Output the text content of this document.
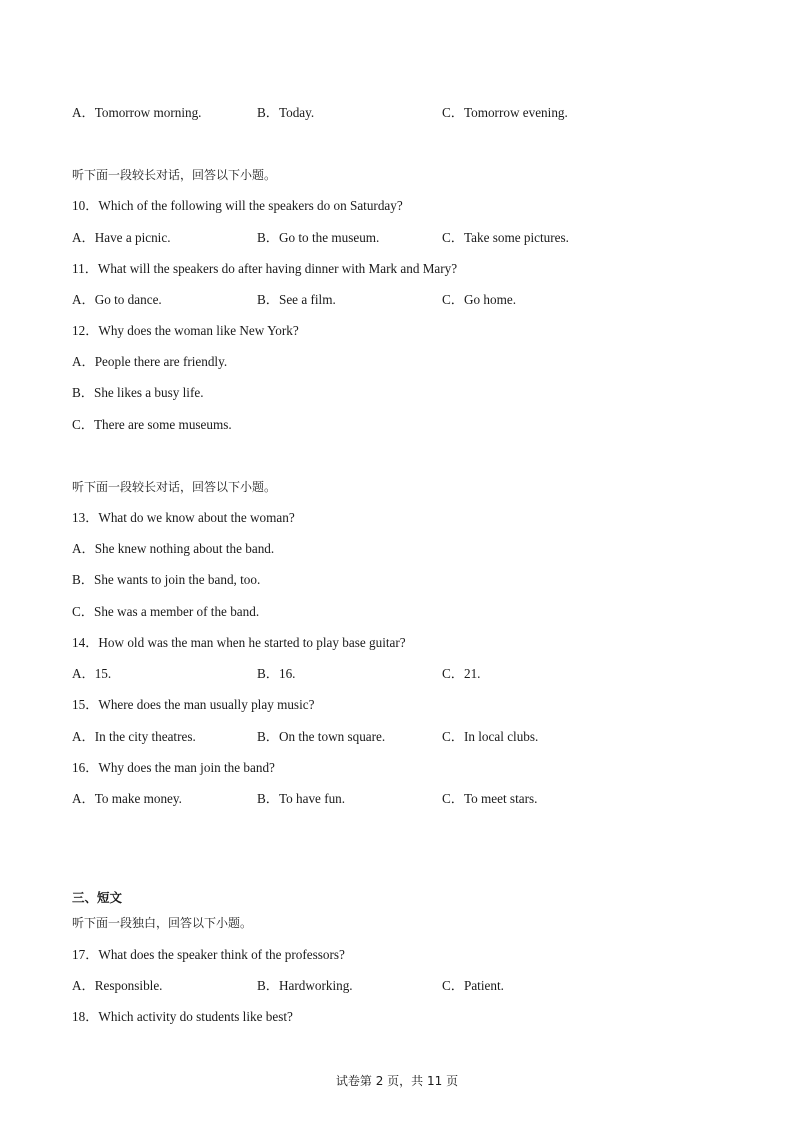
A．Tomorrow morning.	B．Today.	C．Tomorrow evening.
听下面一段较长对话，回答以下小题。
10．Which of the following will the speakers do on Saturday?
A．Have a picnic.	B．Go to the museum.	C．Take some pictures.
11．What will the speakers do after having dinner with Mark and Mary?
A．Go to dance.	B．See a film.	C．Go home.
12．Why does the woman like New York?
A．People there are friendly.
B．She likes a busy life.
C．There are some museums.
听下面一段较长对话，回答以下小题。
13．What do we know about the woman?
A．She knew nothing about the band.
B．She wants to join the band, too.
C．She was a member of the band.
14．How old was the man when he started to play base guitar?
A．15.	B．16.	C．21.
15．Where does the man usually play music?
A．In the city theatres.	B．On the town square.	C．In local clubs.
16．Why does the man join the band?
A．To make money.	B．To have fun.	C．To meet stars.
三、短文
听下面一段独白，回答以下小题。
17．What does the speaker think of the professors?
A．Responsible.	B．Hardworking.	C．Patient.
18．Which activity do students like best?
试卷第 2 页，共 11 页
